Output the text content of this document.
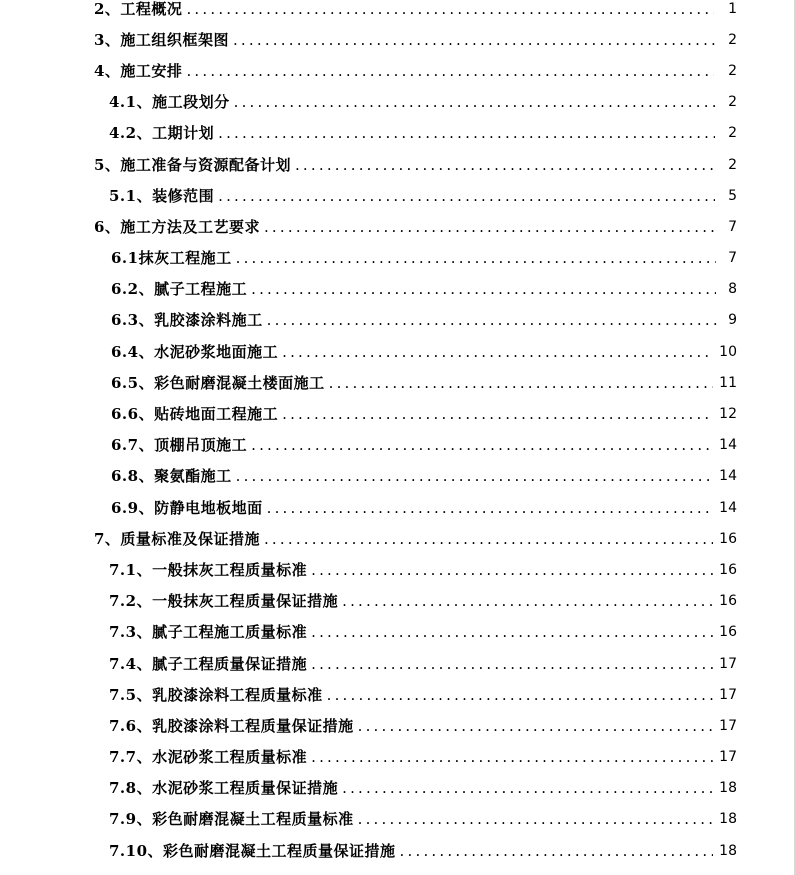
2、工程概况 .....	1
3、施工组织框架图 .....	2
4、施工安排 .....	2
4.1、施工段划分 .....	2
4.2、工期计划 .....	2
5、施工准备与资源配备计划 .....	2
5.1、装修范围 .....	5
6、施工方法及工艺要求 .....	7
6.1抹灰工程施工 .....	7
6.2、腻子工程施工 .....	8
6.3、乳胶漆涂料施工 .....	9
6.4、水泥砂浆地面施工 .....	10
6.5、彩色耐磨混凝土楼面施工 .....	11
6.6、贴砖地面工程施工 .....	12
6.7、顶棚吊顶施工 .....	14
6.8、聚氨酯施工 .....	14
6.9、防静电地板地面 .....	14
7、质量标准及保证措施 .....	16
7.1、一般抹灰工程质量标准 .....	16
7.2、一般抹灰工程质量保证措施 .....	16
7.3、腻子工程施工质量标准 .....	16
7.4、腻子工程质量保证措施 .....	17
7.5、乳胶漆涂料工程质量标准 .....	17
7.6、乳胶漆涂料工程质量保证措施 .....	17
7.7、水泥砂浆工程质量标准 .....	17
7.8、水泥砂浆工程质量保证措施 .....	18
7.9、彩色耐磨混凝土工程质量标准 .....	18
7.10、彩色耐磨混凝土工程质量保证措施 .....	18
